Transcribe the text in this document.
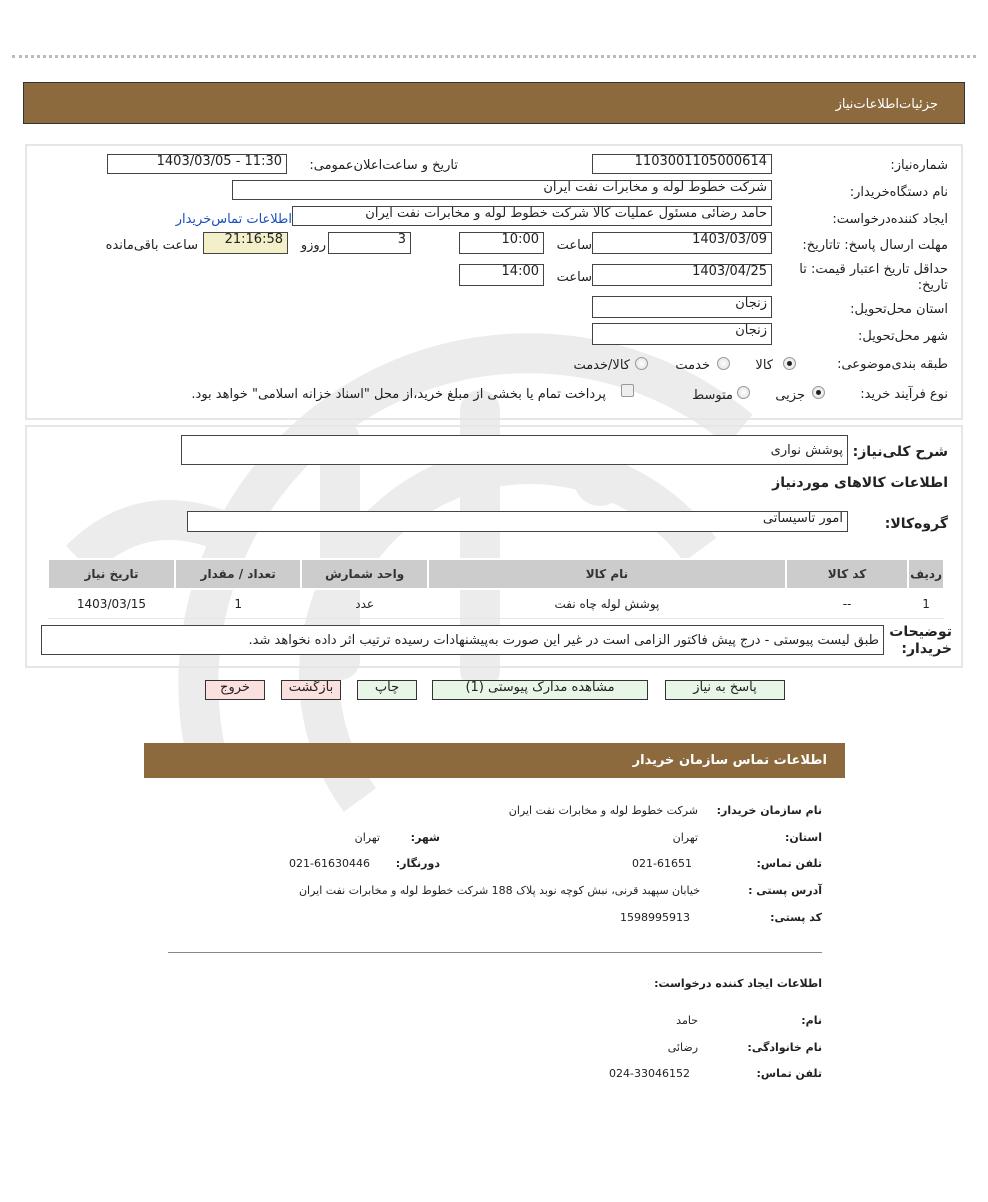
جزئیات‌اطلاعات‌نیاز
شماره‌نیاز:
1103001105000614
تاریخ و ساعت‌اعلان‌عمومی:
1403/03/05 - 11:30
نام دستگاه‌خریدار:
شرکت خطوط لوله و مخابرات نفت ایران
ایجاد کننده‌درخواست:
حامد رضائی مسئول عملیات کالا شرکت خطوط لوله و مخابرات نفت ایران
اطلاعات تماس‌خریدار
مهلت ارسال پاسخ: تاتاریخ:
1403/03/09
ساعت
10:00
3
روزو
21:16:58
ساعت باقی‌مانده
حداقل تاریخ اعتبار قیمت: تا تاریخ:
1403/04/25
ساعت
14:00
استان محل‌تحویل:
زنجان
شهر محل‌تحویل:
زنجان
طبقه بندی‌موضوعی:
کالا
خدمت
کالا/خدمت
نوع فرآیند خرید:
جزیی
متوسط
پرداخت تمام یا بخشی از مبلغ خرید،از محل "اسناد خزانه اسلامی" خواهد بود.
شرح کلی‌نیاز:
پوشش نواری
اطلاعات کالاهای مورد‌نیاز
گروه‌کالا:
امور تاسیساتی
ردیف	کد کالا	نام کالا	واحد شمارش	تعداد / مقدار	تاریخ نیاز
1	--	پوشش لوله چاه نفت	عدد	1	1403/03/15
توضیحات خریدار:
طبق لیست پیوستی - درج پیش فاکتور الزامی است در غیر این صورت به‌پیشنهادات رسیده ترتیب اثر داده نخواهد شد.
پاسخ به نیاز
مشاهده مدارک پیوستی (1)
چاپ
بازگشت
خروج
اطلاعات تماس سازمان خریدار
نام سازمان خریدار:
شرکت خطوط لوله و مخابرات نفت ایران
استان:
تهران
شهر:
تهران
تلفن تماس:
021-61651
دورنگار:
021-61630446
آدرس پستی :
خیابان سپهبد قرنی، نبش کوچه نوبد پلاک 188 شرکت خطوط لوله و مخابرات نفت ایران
کد پستی:
1598995913
اطلاعات ایجاد کننده درخواست:
نام:
حامد
نام خانوادگی:
رضائی
تلفن تماس:
024-33046152
